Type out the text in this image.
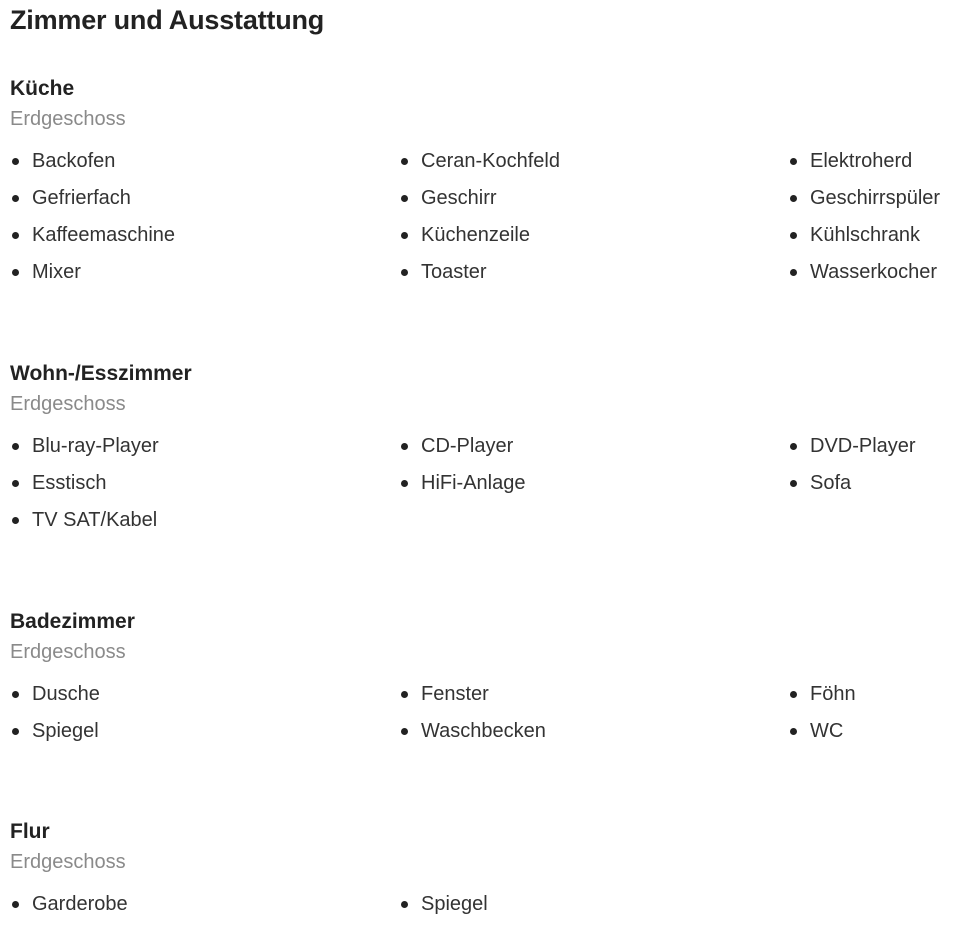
Zimmer und Ausstattung
Küche
Erdgeschoss
Backofen	Ceran-Kochfeld	Elektroherd
Gefrierfach	Geschirr	Geschirrspüler
Kaffeemaschine	Küchenzeile	Kühlschrank
Mixer	Toaster	Wasserkocher
Wohn-/Esszimmer
Erdgeschoss
Blu-ray-Player	CD-Player	DVD-Player
Esstisch	HiFi-Anlage	Sofa
TV SAT/Kabel
Badezimmer
Erdgeschoss
Dusche	Fenster	Föhn
Spiegel	Waschbecken	WC
Flur
Erdgeschoss
Garderobe	Spiegel
